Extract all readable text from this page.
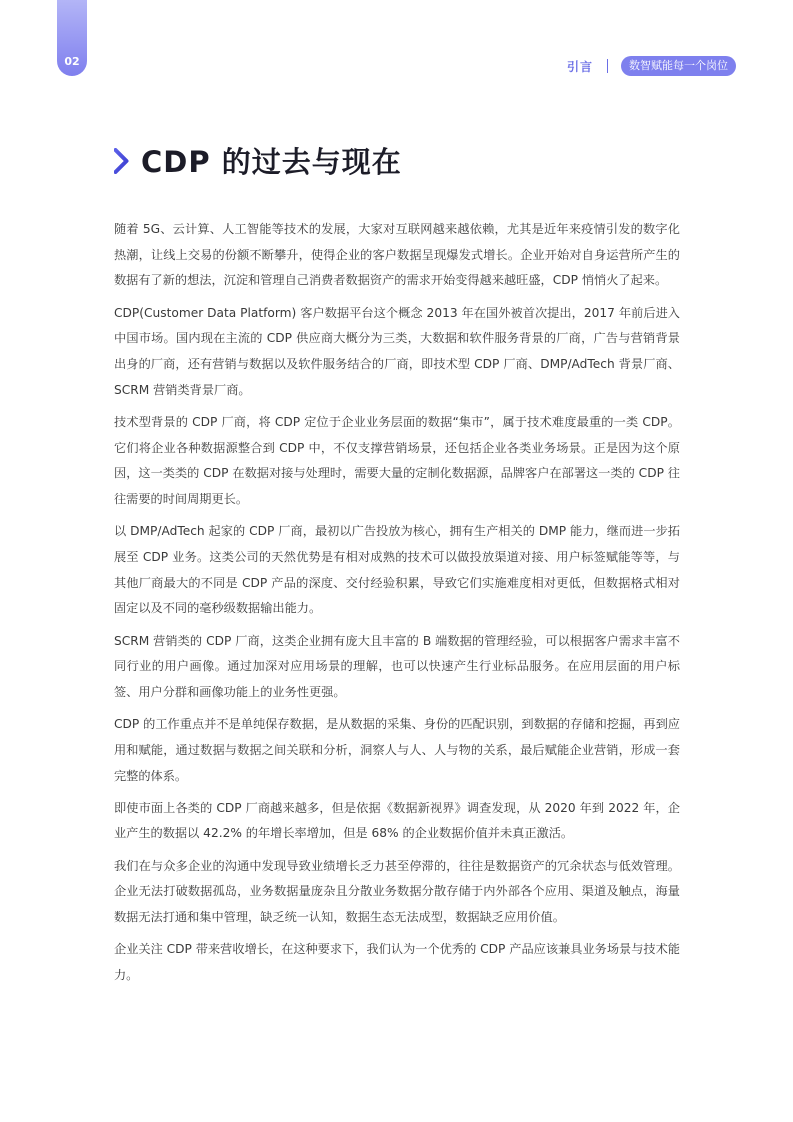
02	引言	数智赋能每一个岗位
CDP 的过去与现在

随着 5G、云计算、人工智能等技术的发展，大家对互联网越来越依赖，尤其是近年来疫情引发的数字化热潮，让线上交易的份额不断攀升，使得企业的客户数据呈现爆发式增长。企业开始对自身运营所产生的数据有了新的想法，沉淀和管理自己消费者数据资产的需求开始变得越来越旺盛，CDP 悄悄火了起来。

CDP(Customer Data Platform) 客户数据平台这个概念 2013 年在国外被首次提出，2017 年前后进入中国市场。国内现在主流的 CDP 供应商大概分为三类，大数据和软件服务背景的厂商，广告与营销背景出身的厂商，还有营销与数据以及软件服务结合的厂商，即技术型 CDP 厂商、DMP/AdTech 背景厂商、SCRM 营销类背景厂商。

技术型背景的 CDP 厂商，将 CDP 定位于企业业务层面的数据“集市”，属于技术难度最重的一类 CDP。它们将企业各种数据源整合到 CDP 中，不仅支撑营销场景，还包括企业各类业务场景。正是因为这个原因，这一类类的 CDP 在数据对接与处理时，需要大量的定制化数据源，品牌客户在部署这一类的 CDP 往往需要的时间周期更长。

以 DMP/AdTech 起家的 CDP 厂商，最初以广告投放为核心，拥有生产相关的 DMP 能力，继而进一步拓展至 CDP 业务。这类公司的天然优势是有相对成熟的技术可以做投放渠道对接、用户标签赋能等等，与其他厂商最大的不同是 CDP 产品的深度、交付经验积累，导致它们实施难度相对更低，但数据格式相对固定以及不同的毫秒级数据输出能力。

SCRM 营销类的 CDP 厂商，这类企业拥有庞大且丰富的 B 端数据的管理经验，可以根据客户需求丰富不同行业的用户画像。通过加深对应用场景的理解，也可以快速产生行业标品服务。在应用层面的用户标签、用户分群和画像功能上的业务性更强。

CDP 的工作重点并不是单纯保存数据，是从数据的采集、身份的匹配识别，到数据的存储和挖掘，再到应用和赋能，通过数据与数据之间关联和分析，洞察人与人、人与物的关系，最后赋能企业营销，形成一套完整的体系。

即使市面上各类的 CDP 厂商越来越多，但是依据《数据新视界》调查发现，从 2020 年到 2022 年，企业产生的数据以 42.2% 的年增长率增加，但是 68% 的企业数据价值并未真正激活。

我们在与众多企业的沟通中发现导致业绩增长乏力甚至停滞的，往往是数据资产的冗余状态与低效管理。企业无法打破数据孤岛，业务数据量庞杂且分散业务数据分散存储于内外部各个应用、渠道及触点，海量数据无法打通和集中管理，缺乏统一认知，数据生态无法成型，数据缺乏应用价值。

企业关注 CDP 带来营收增长，在这种要求下，我们认为一个优秀的 CDP 产品应该兼具业务场景与技术能力。
